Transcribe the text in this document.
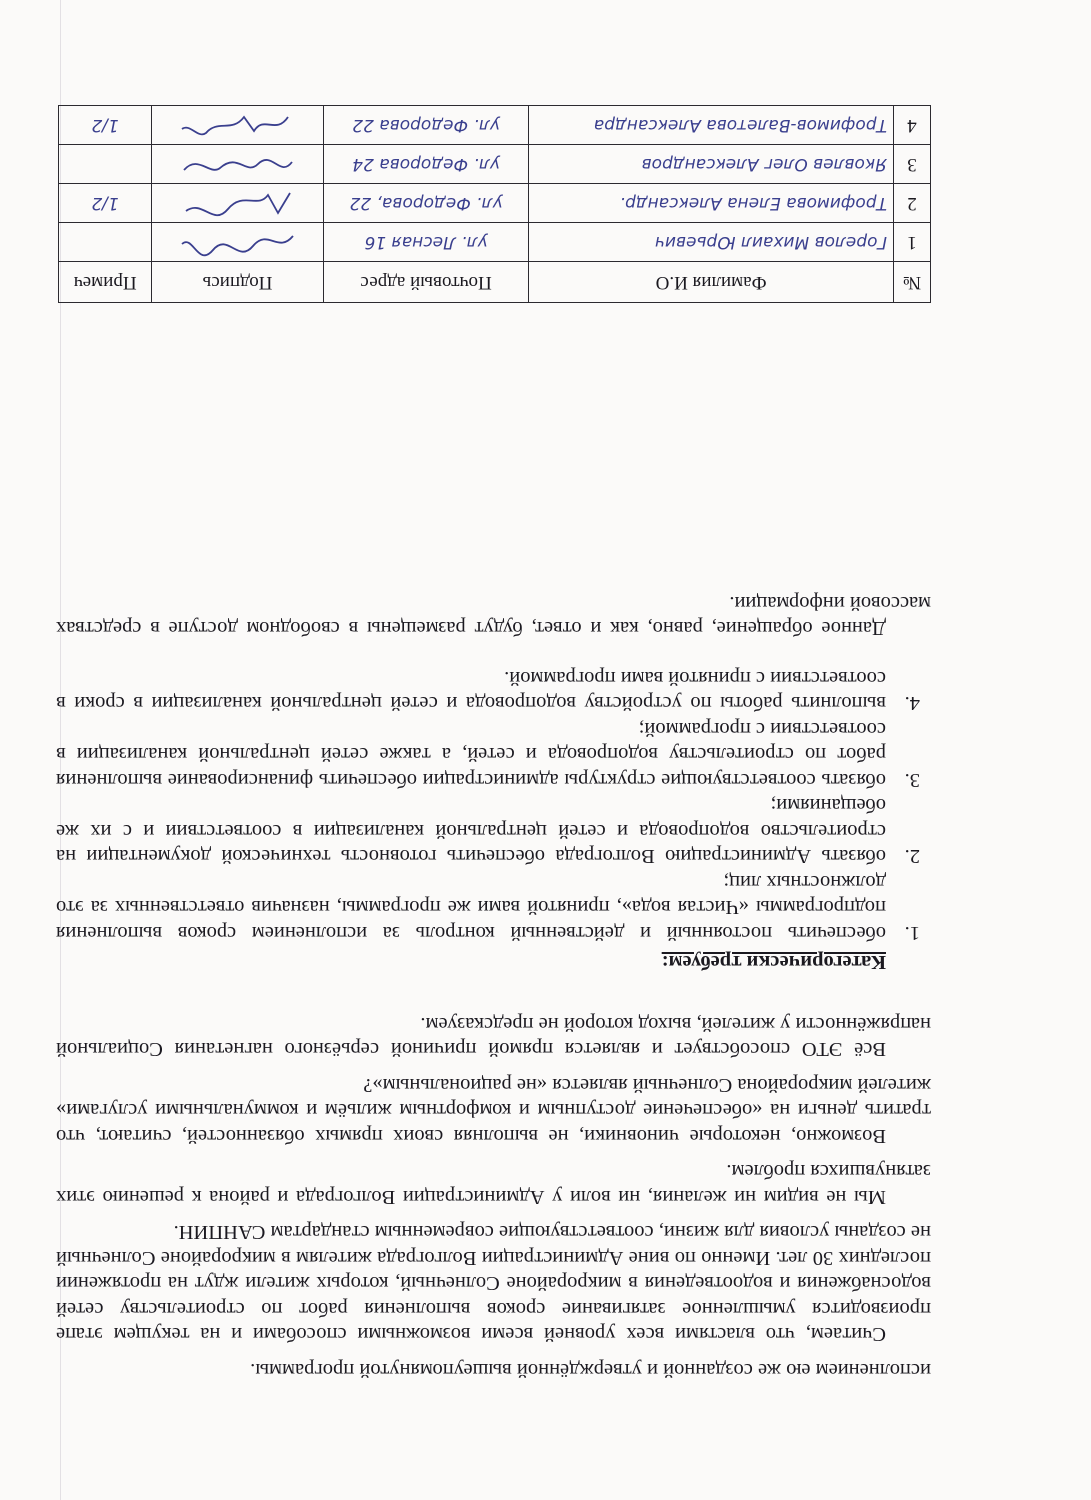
исполнением ею же созданной и утверждённой вышеупомянутой программы.

Считаем, что властями всех уровней всеми возможными способами и на текущем этапе производится умышленное затягивание сроков выполнения работ по строительству сетей водоснабжения и водоотведения в микрорайоне Солнечный, которых жители ждут на протяжении последних 30 лет. Именно по вине Администрации Волгограда жителям в микрорайоне Солнечный не созданы условия для жизни, соответствующие современным стандартам САНПИН.

Мы не видим ни желания, ни воли у Администрации Волгограда и района к решению этих затянувшихся проблем.

Возможно, некоторые чиновники, не выполняя своих прямых обязанностей, считают, что тратить деньги на «обеспечение доступным и комфортным жильём и коммунальными услугами» жителей микрорайона Солнечный является «не рациональным»?

Всё ЭТО способствует и является прямой причиной серьёзного нагнетания Социальной напряжённости у жителей, выход которой не предсказуем.

Категорически требуем:

1.
обеспечить постоянный и действенный контроль за исполнением сроков выполнения подпрограммы «Чистая вода», принятой вами же программы, назначив ответственных за это должностных лиц;
2.
обязать Администрацию Волгограда обеспечить готовность технической документации на строительство водопровода и сетей центральной канализации в соответствии и с их же обещаниями;
3.
обязать соответствующие структуры администрации обеспечить финансирование выполнения работ по строительству водопровода и сетей, а также сетей центральной канализации в соответствии с программой;
4.
выполнить работы по устройству водопровода и сетей центральной канализации в сроки в соответствии с принятой вами программой.

Данное обращение, равно, как и ответ, будут размещены в свободном доступе в средствах массовой информации.

№	Фамилия И.О	Почтовый адрес	Подпись	Примеч
1	Горелов Михаил Юрьевич	ул. Лесная 16		
2	Трофимова Елена Александр.	ул. Федорова, 22		1/2
3	Яковлев Олег Александров	ул. Федорова 24		
4	Трофимов-Валетова Александра	ул. Федорова 22		1/2
